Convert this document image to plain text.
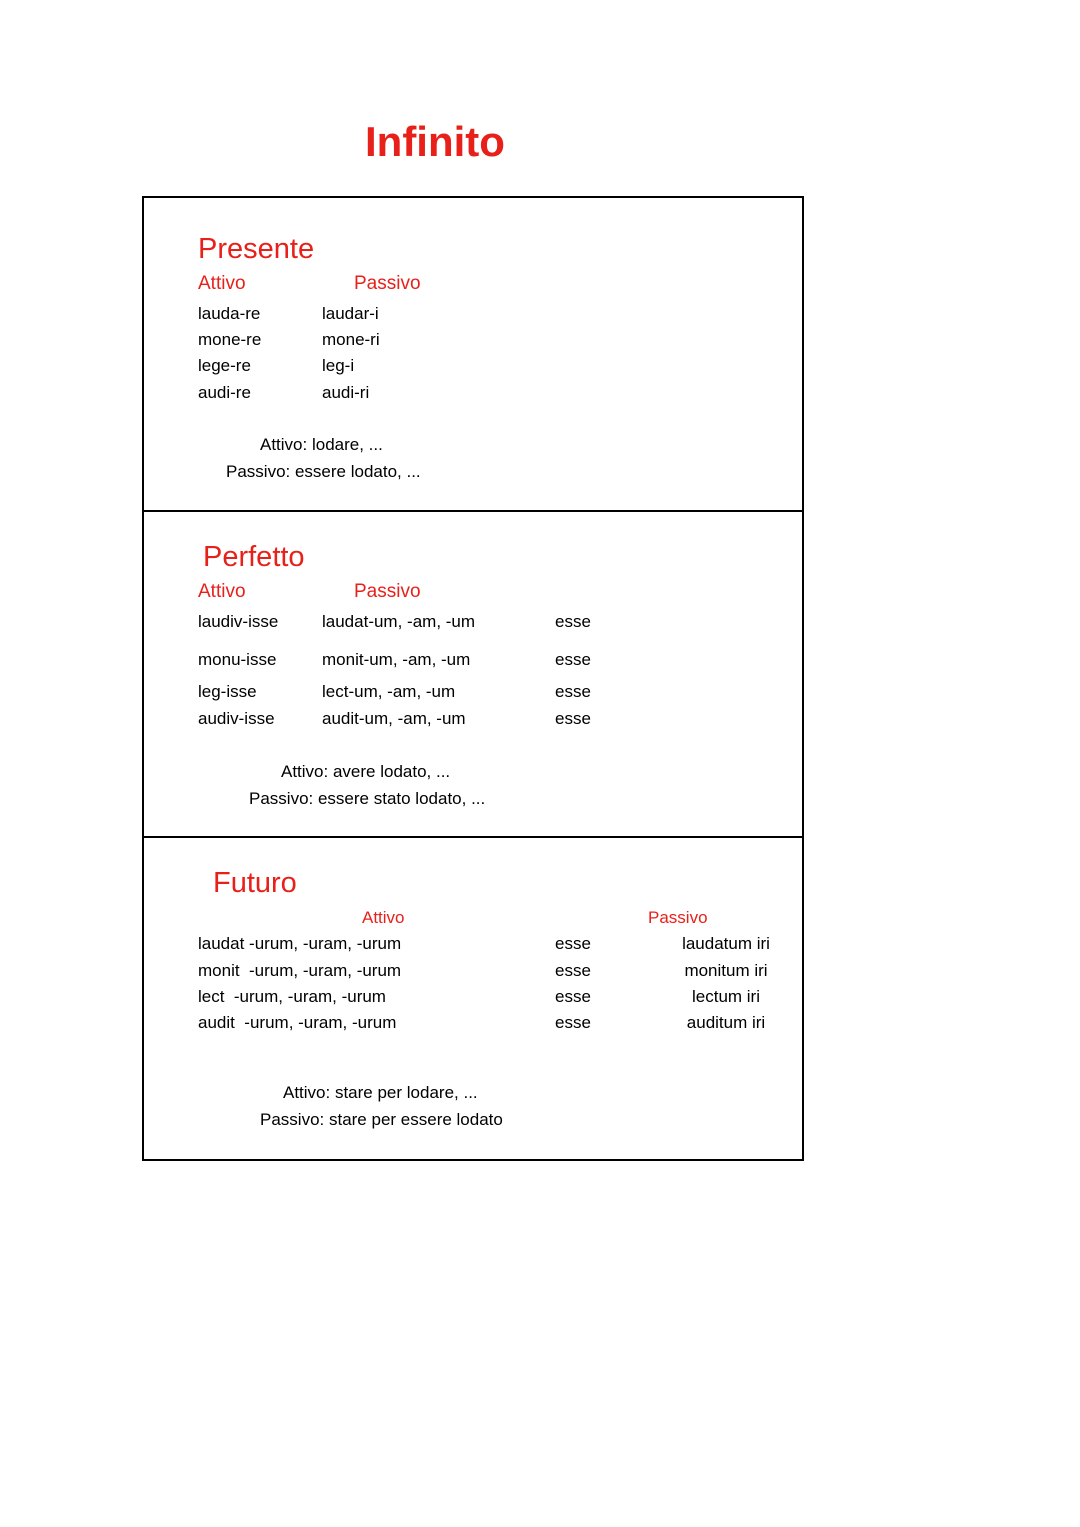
Infinito
Presente
Attivo	Passivo
lauda-re	laudar-i
mone-re	mone-ri
lege-re	leg-i
audi-re	audi-ri
Attivo: lodare, ...
Passivo: essere lodato, ...
Perfetto
Attivo	Passivo
laudiv-isse	laudat-um, -am, -um	esse
monu-isse	monit-um, -am, -um	esse
leg-isse	lect-um, -am, -um	esse
audiv-isse	audit-um, -am, -um	esse
Attivo: avere lodato, ...
Passivo: essere stato lodato, ...
Futuro
Attivo	Passivo
laudat -urum, -uram, -urum	esse	laudatum iri
monit  -urum, -uram, -urum	esse	monitum iri
lect  -urum, -uram, -urum	esse	lectum iri
audit  -urum, -uram, -urum	esse	auditum iri
Attivo: stare per lodare, ...
Passivo: stare per essere lodato
